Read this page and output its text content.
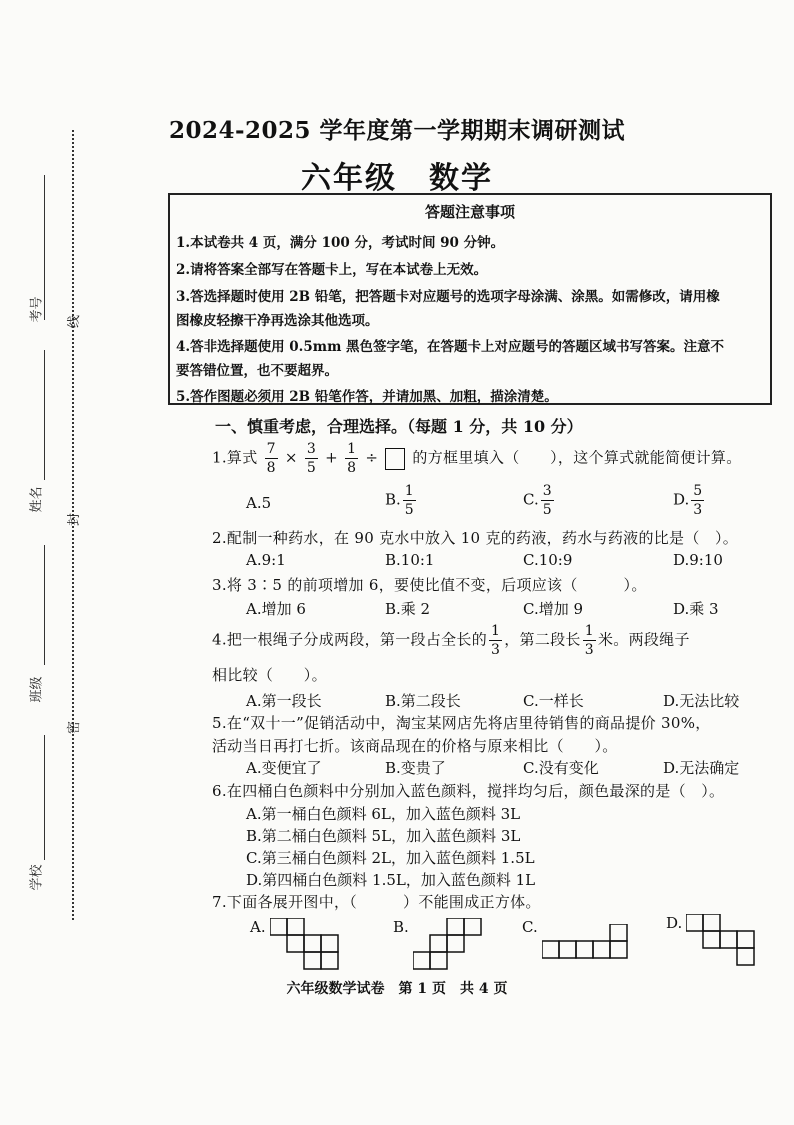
考号	线
姓名
封
班级
密
学校
2024-2025 学年度第一学期期末调研测试
六年级　数学
答题注意事项
1.本试卷共 4 页，满分 100 分，考试时间 90 分钟。
2.请将答案全部写在答题卡上，写在本试卷上无效。
3.答选择题时使用 2B 铅笔，把答题卡对应题号的选项字母涂满、涂黑。如需修改，请用橡
图橡皮轻擦干净再选涂其他选项。
4.答非选择题使用 0.5mm 黑色签字笔，在答题卡上对应题号的答题区域书写答案。注意不
要答错位置，也不要超界。
5.答作图题必须用 2B 铅笔作答，并请加黑、加粗，描涂清楚。
一、慎重考虑，合理选择。（每题 1 分，共 10 分）
1.算式 $\frac{7}{8} \times \frac{3}{5} + \frac{1}{8}$ ÷ 的方框里填入（　　），这个算式就能简便计算。
A.5	B. $\frac{1}{5}$	C. $\frac{3}{5}$	D. $\frac{5}{3}$
2.配制一种药水，在 90 克水中放入 10 克的药液，药水与药液的比是（　）。
A.9:1	B.10:1	C.10:9	D.9:10
3.将 3∶5 的前项增加 6，要使比值不变，后项应该（　　　）。
A.增加 6	B.乘 2	C.增加 9	D.乘 3
4.把一根绳子分成两段，第一段占全长的 $\frac{1}{3}$ ，第二段长 $\frac{1}{3}$ 米。两段绳子
相比较（　　）。
A.第一段长	B.第二段长	C.一样长	D.无法比较
5.在“双十一”促销活动中，淘宝某网店先将店里待销售的商品提价 30%，
活动当日再打七折。该商品现在的价格与原来相比（　　）。
A.变便宜了	B.变贵了	C.没有变化	D.无法确定
6.在四桶白色颜料中分别加入蓝色颜料，搅拌均匀后，颜色最深的是（　）。
A.第一桶白色颜料 6L，加入蓝色颜料 3L
B.第二桶白色颜料 5L，加入蓝色颜料 3L
C.第三桶白色颜料 2L，加入蓝色颜料 1.5L
D.第四桶白色颜料 1.5L，加入蓝色颜料 1L
7.下面各展开图中，（　　　）不能围成正方体。
A.	B.	C.	D.
六年级数学试卷　第 1 页　共 4 页
